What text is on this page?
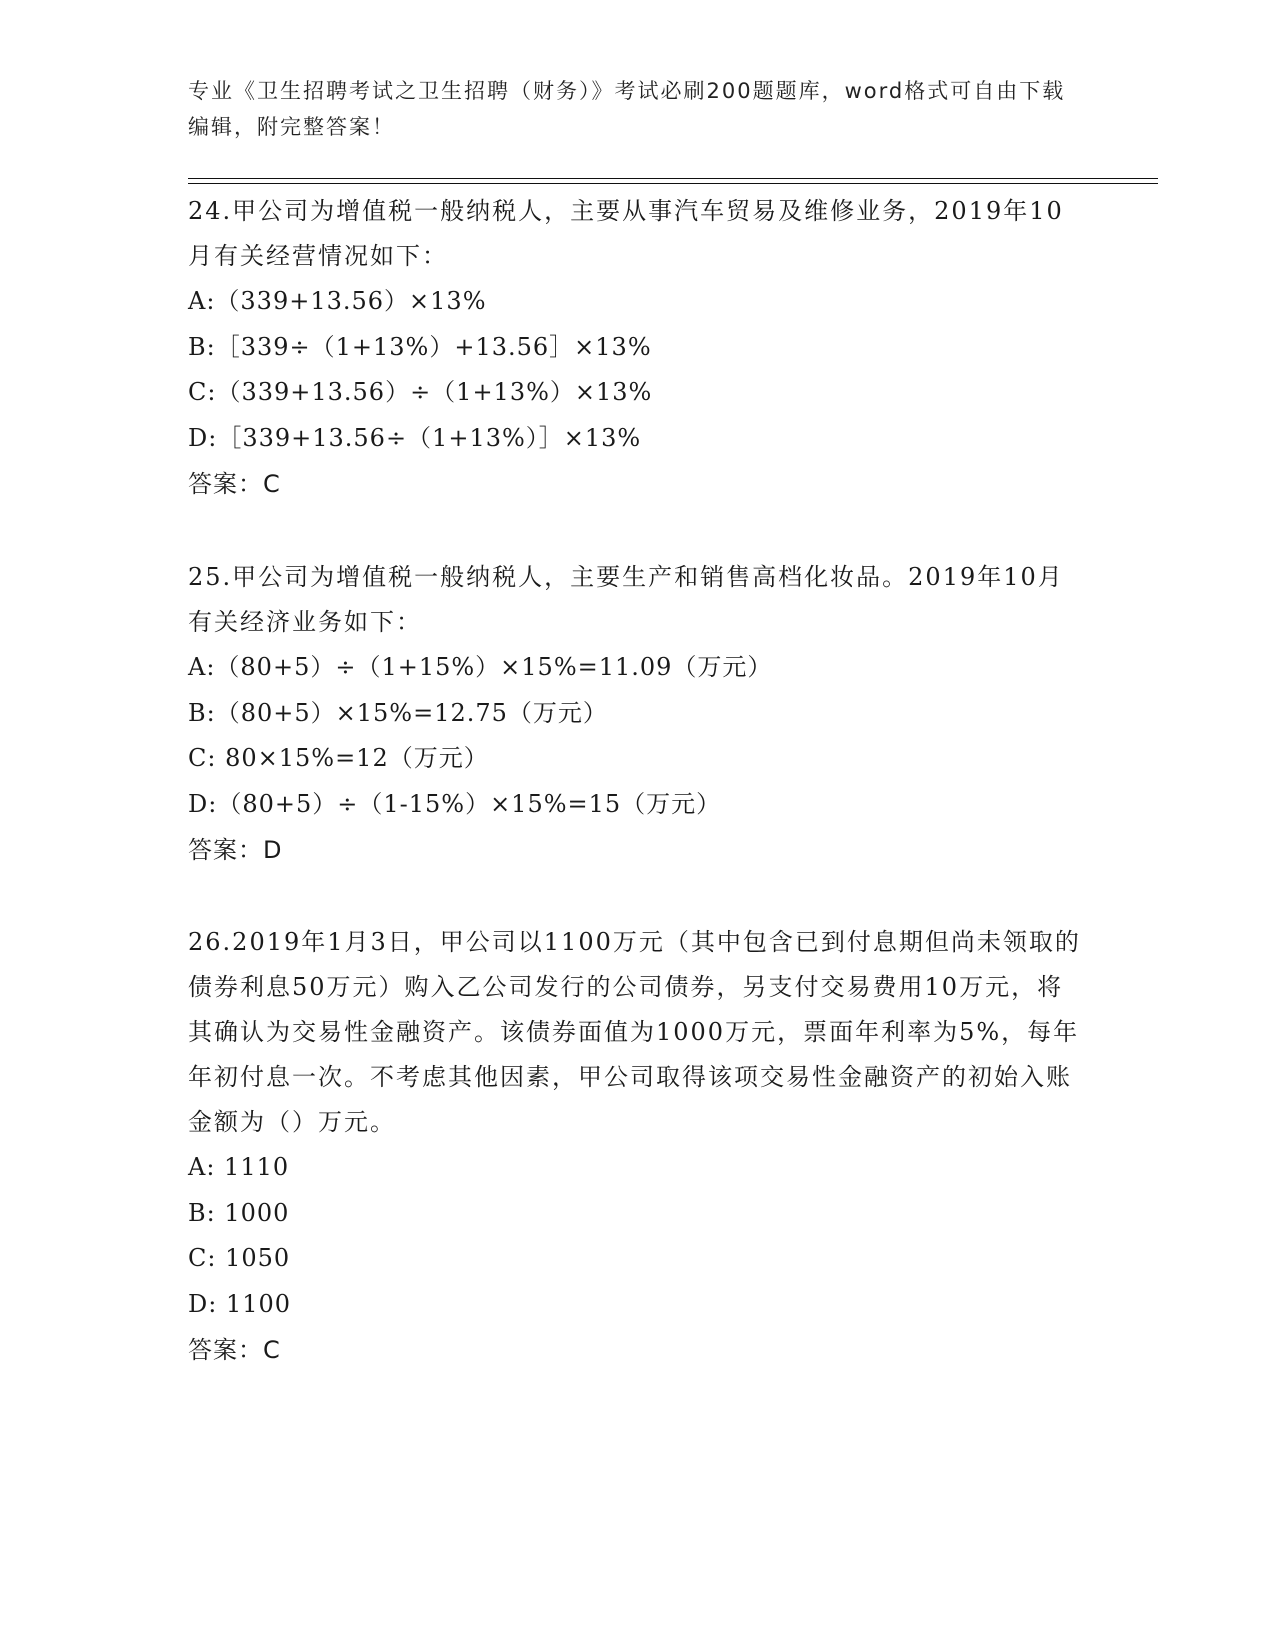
专业《卫生招聘考试之卫生招聘（财务）》考试必刷200题题库，word格式可自由下载编辑，附完整答案！
24.甲公司为增值税一般纳税人，主要从事汽车贸易及维修业务，2019年10月有关经营情况如下：
A:（339+13.56）×13%
B:［339÷（1+13%）+13.56］×13%
C:（339+13.56）÷（1+13%）×13%
D:［339+13.56÷（1+13%）］×13%
答案：C
25.甲公司为增值税一般纳税人，主要生产和销售高档化妆品。2019年10月有关经济业务如下：
A:（80+5）÷（1+15%）×15%=11.09（万元）
B:（80+5）×15%=12.75（万元）
C: 80×15%=12（万元）
D:（80+5）÷（1-15%）×15%=15（万元）
答案：D
26.2019年1月3日，甲公司以1100万元（其中包含已到付息期但尚未领取的债券利息50万元）购入乙公司发行的公司债券，另支付交易费用10万元，将其确认为交易性金融资产。该债券面值为1000万元，票面年利率为5%，每年年初付息一次。不考虑其他因素，甲公司取得该项交易性金融资产的初始入账金额为（）万元。
A: 1110
B: 1000
C: 1050
D: 1100
答案：C
